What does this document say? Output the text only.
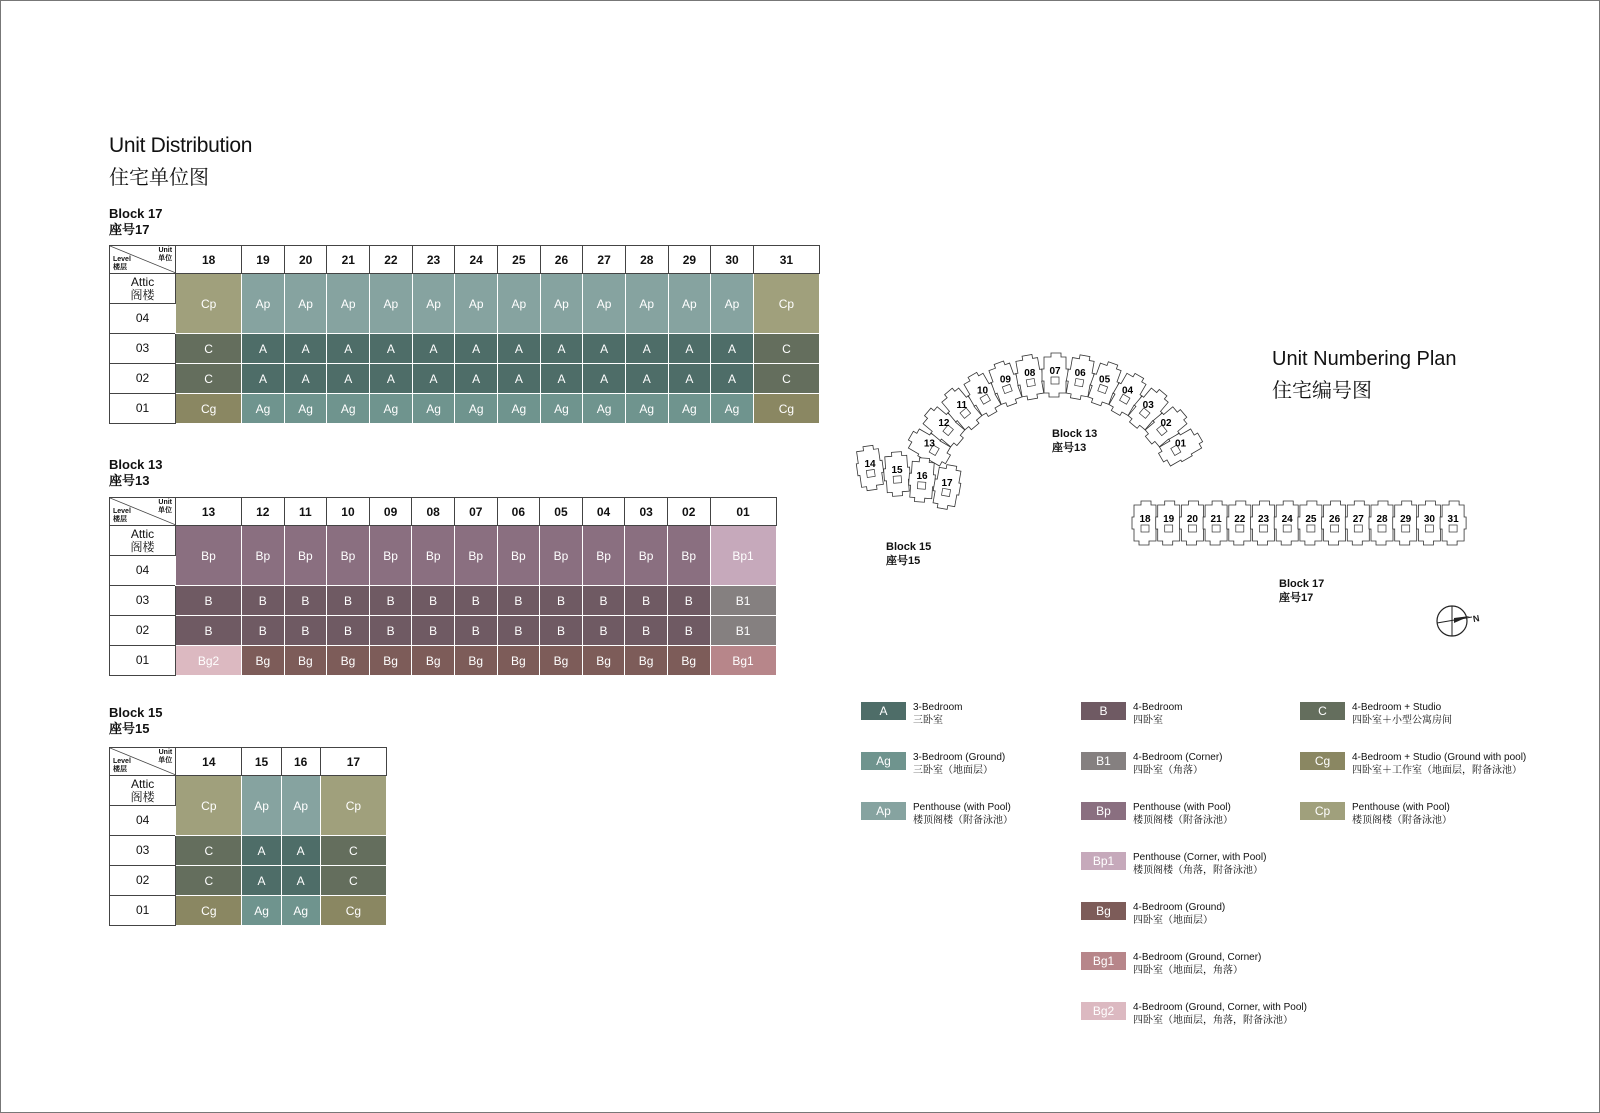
Unit Distribution
住宅单位图
Block 17
座号17
Unit
单位
Level
楼层	18	19	20	21	22	23	24	25	26	27	28	29	30	31

Attic
阁楼	Cp	Ap	Ap	Ap	Ap	Ap	Ap	Ap	Ap	Ap	Ap	Ap	Ap	Cp
04														
03	C	A	A	A	A	A	A	A	A	A	A	A	A	C
02	C	A	A	A	A	A	A	A	A	A	A	A	A	C
01	Cg	Ag	Ag	Ag	Ag	Ag	Ag	Ag	Ag	Ag	Ag	Ag	Ag	Cg
Block 13
座号13
Unit
单位
Level
楼层	13	12	11	10	09	08	07	06	05	04	03	02	01

Attic
阁楼	Bp	Bp	Bp	Bp	Bp	Bp	Bp	Bp	Bp	Bp	Bp	Bp	Bp1
04													
03	B	B	B	B	B	B	B	B	B	B	B	B	B1
02	B	B	B	B	B	B	B	B	B	B	B	B	B1
01	Bg2	Bg	Bg	Bg	Bg	Bg	Bg	Bg	Bg	Bg	Bg	Bg	Bg1
Block 15
座号15
Unit
单位
Level
楼层	14	15	16	17

Attic
阁楼	Cp	Ap	Ap	Cp
04				
03	C	A	A	C
02	C	A	A	C
01	Cg	Ag	Ag	Cg
Unit Numbering Plan
住宅编号图
13
12
11
10
09
08 07 06
05
04
03
02
01
14
15
16
17
18 19 20 21 22 23 24 25 26 27 28 29 30 31
Block 13
座号13
Block 15
座号15
Block 17
座号17
N
A	3-Bedroom
三卧室
Ag	3-Bedroom (Ground)
三卧室（地面层）
Ap	Penthouse (with Pool)
楼顶阁楼（附备泳池）
B	4-Bedroom
四卧室
B1	4-Bedroom (Corner)
四卧室（角落）
Bp	Penthouse (with Pool)
楼顶阁楼（附备泳池）
Bp1	Penthouse (Corner, with Pool)
楼顶阁楼（角落，附备泳池）
Bg	4-Bedroom (Ground)
四卧室（地面层）
Bg1	4-Bedroom (Ground, Corner)
四卧室（地面层，角落）
Bg2	4-Bedroom (Ground, Corner, with Pool)
四卧室（地面层，角落，附备泳池）
C	4-Bedroom + Studio
四卧室＋小型公寓房间
Cg	4-Bedroom + Studio (Ground with pool)
四卧室＋工作室（地面层，附备泳池）
Cp	Penthouse (with Pool)
楼顶阁楼（附备泳池）
